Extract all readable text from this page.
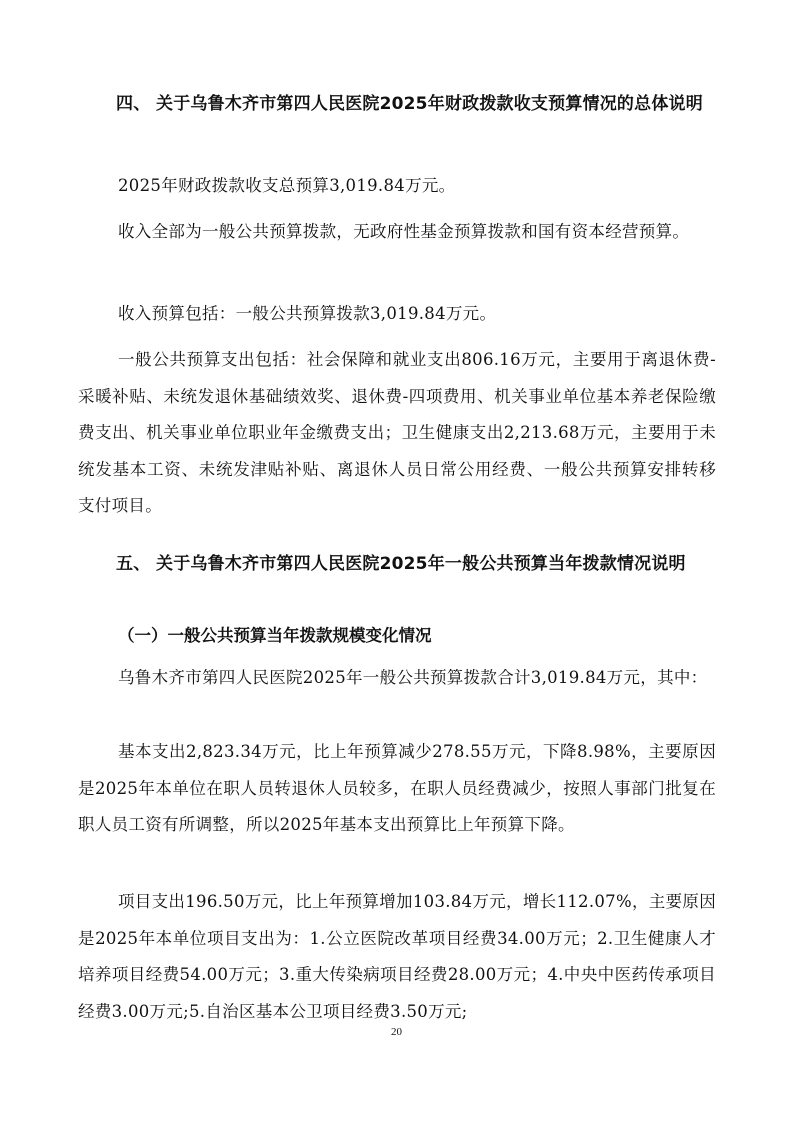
四、 关于乌鲁木齐市第四人民医院2025年财政拨款收支预算情况的总体说明
2025年财政拨款收支总预算3,019.84万元。
收入全部为一般公共预算拨款，无政府性基金预算拨款和国有资本经营预算。
收入预算包括：一般公共预算拨款3,019.84万元。
一般公共预算支出包括：社会保障和就业支出806.16万元，主要用于离退休费-采暖补贴、未统发退休基础绩效奖、退休费-四项费用、机关事业单位基本养老保险缴费支出、机关事业单位职业年金缴费支出；卫生健康支出2,213.68万元，主要用于未统发基本工资、未统发津贴补贴、离退休人员日常公用经费、一般公共预算安排转移支付项目。
五、 关于乌鲁木齐市第四人民医院2025年一般公共预算当年拨款情况说明
（一）一般公共预算当年拨款规模变化情况
乌鲁木齐市第四人民医院2025年一般公共预算拨款合计3,019.84万元，其中：
基本支出2,823.34万元，比上年预算减少278.55万元，下降8.98%，主要原因是2025年本单位在职人员转退休人员较多，在职人员经费减少，按照人事部门批复在职人员工资有所调整，所以2025年基本支出预算比上年预算下降。
项目支出196.50万元，比上年预算增加103.84万元，增长112.07%，主要原因是2025年本单位项目支出为：1.公立医院改革项目经费34.00万元；2.卫生健康人才培养项目经费54.00万元；3.重大传染病项目经费28.00万元；4.中央中医药传承项目经费3.00万元;5.自治区基本公卫项目经费3.50万元;
20
